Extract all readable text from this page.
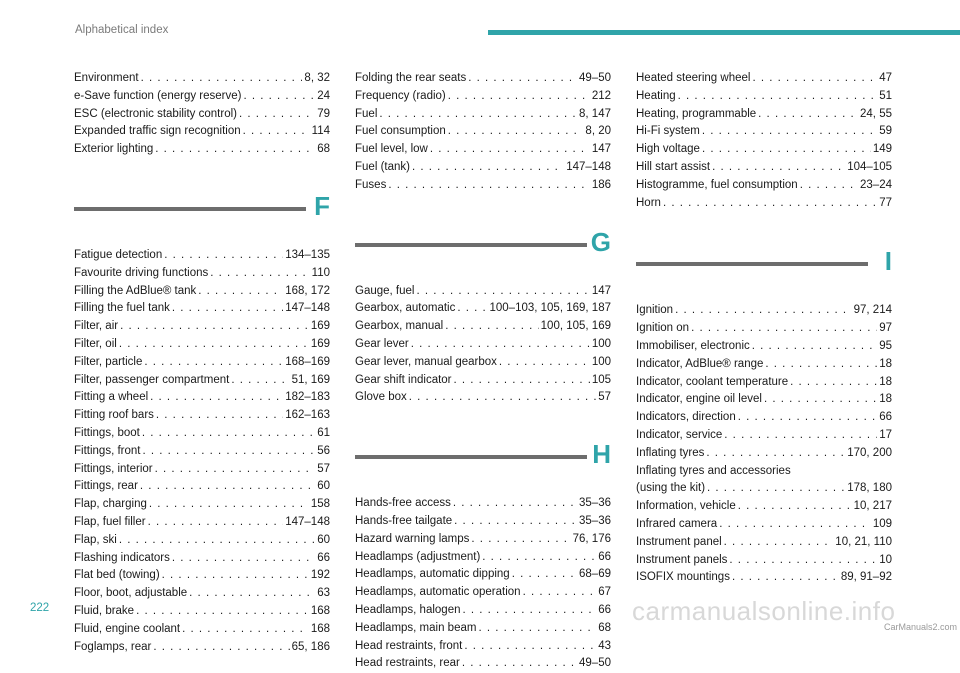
Alphabetical index
Environment . . .	8, 32
e-Save function (energy reserve) . . .	24
ESC (electronic stability control) . . .	79
Expanded traffic sign recognition . . .	114
Exterior lighting . . .	68
F
Fatigue detection . . .	134–135
Favourite driving functions . . .	110
Filling the AdBlue® tank . . .	168, 172
Filling the fuel tank . . .	147–148
Filter, air . . .	169
Filter, oil . . .	169
Filter, particle . . .	168–169
Filter, passenger compartment . . .	51, 169
Fitting a wheel . . .	182–183
Fitting roof bars . . .	162–163
Fittings, boot . . .	61
Fittings, front . . .	56
Fittings, interior . . .	57
Fittings, rear . . .	60
Flap, charging . . .	158
Flap, fuel filler . . .	147–148
Flap, ski . . .	60
Flashing indicators . . .	66
Flat bed (towing) . . .	192
Floor, boot, adjustable . . .	63
Fluid, brake . . .	168
Fluid, engine coolant . . .	168
Foglamps, rear . . .	65, 186
Folding the rear seats . . .	49–50
Frequency (radio) . . .	212
Fuel . . .	8, 147
Fuel consumption . . .	8, 20
Fuel level, low . . .	147
Fuel (tank) . . .	147–148
Fuses . . .	186
G
Gauge, fuel . . .	147
Gearbox, automatic . . .	100–103, 105, 169, 187
Gearbox, manual . . .	100, 105, 169
Gear lever . . .	100
Gear lever, manual gearbox . . .	100
Gear shift indicator . . .	105
Glove box . . .	57
H
Hands-free access . . .	35–36
Hands-free tailgate . . .	35–36
Hazard warning lamps . . .	76, 176
Headlamps (adjustment) . . .	66
Headlamps, automatic dipping . . .	68–69
Headlamps, automatic operation . . .	67
Headlamps, halogen . . .	66
Headlamps, main beam . . .	68
Head restraints, front . . .	43
Head restraints, rear . . .	49–50
Heated steering wheel . . .	47
Heating . . .	51
Heating, programmable . . .	24, 55
Hi-Fi system . . .	59
High voltage . . .	149
Hill start assist . . .	104–105
Histogramme, fuel consumption . . .	23–24
Horn . . .	77
I
Ignition . . .	97, 214
Ignition on . . .	97
Immobiliser, electronic . . .	95
Indicator, AdBlue® range . . .	18
Indicator, coolant temperature . . .	18
Indicator, engine oil level . . .	18
Indicators, direction . . .	66
Indicator, service . . .	17
Inflating tyres . . .	170, 200
Inflating tyres and accessories
(using the kit) . . .	178, 180
Information, vehicle . . .	10, 217
Infrared camera . . .	109
Instrument panel . . .	10, 21, 110
Instrument panels . . .	10
ISOFIX mountings . . .	89, 91–92
222	carmanualsonline.info
CarManuals2.com
